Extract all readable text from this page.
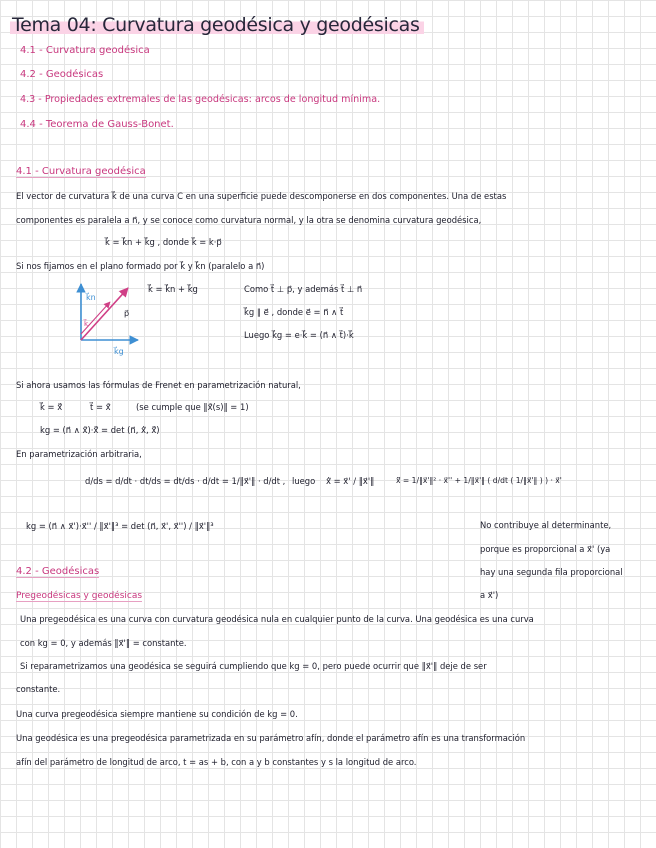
Tema 04: Curvatura geodésica y geodésicas
4.1 - Curvatura geodésica
4.2 - Geodésicas
4.3 - Propiedades extremales de las geodésicas: arcos de longitud mínima.
4.4 - Teorema de Gauss-Bonet.
4.1 - Curvatura geodésica
El vector de curvatura k⃗ de una curva C en una superficie puede descomponerse en dos componentes. Una de estas
componentes es paralela a n⃗, y se conoce como curvatura normal, y la otra se denomina curvatura geodésica,
k⃗ = k⃗n + k⃗g , donde k⃗ = k·p⃗
Si nos fijamos en el plano formado por k⃗ y k⃗n (paralelo a n⃗)
k⃗n
k⃗g
k⃗
p⃗
k⃗ = k⃗n + k⃗g	Como t⃗ ⊥ p⃗, y además t⃗ ⊥ n⃗
k⃗g ∥ e⃗ , donde e⃗ = n⃗ ∧ t⃗
Luego k⃗g = e·k⃗ = (n⃗ ∧ t⃗)·k⃗
Si ahora usamos las fórmulas de Frenet en parametrización natural,
k⃗ = ẍ⃗	t⃗ = ẋ⃗	(se cumple que ‖ẋ⃗(s)‖ = 1)
kg = (n⃗ ∧ ẋ⃗)·ẍ⃗ = det (n⃗, ẋ⃗, ẍ⃗)
En parametrización arbitraria,
d/ds = d/dt · dt/ds = dt/ds · d/dt = 1/‖x⃗'‖ · d/dt , luego ẋ⃗ = x⃗' / ‖x⃗'‖	ẍ⃗ = 1/‖x⃗'‖² · x⃗'' + 1/‖x⃗'‖ ( d/dt ( 1/‖x⃗'‖ ) ) · x⃗'
kg = (n⃗ ∧ x⃗')·x⃗'' / ‖x⃗'‖³ = det (n⃗, x⃗', x⃗'') / ‖x⃗'‖³	No contribuye al determinante,
porque es proporcional a x⃗' (ya
hay una segunda fila proporcional
a x⃗')
4.2 - Geodésicas
Pregeodésicas y geodésicas
Una pregeodésica es una curva con curvatura geodésica nula en cualquier punto de la curva. Una geodésica es una curva
con kg = 0, y además ‖x⃗'‖ = constante.
Si reparametrizamos una geodésica se seguirá cumpliendo que kg = 0, pero puede ocurrir que ‖x⃗'‖ deje de ser
constante.
Una curva pregeodésica siempre mantiene su condición de kg = 0.
Una geodésica es una pregeodésica parametrizada en su parámetro afín, donde el parámetro afín es una transformación
afín del parámetro de longitud de arco, t = as + b, con a y b constantes y s la longitud de arco.
